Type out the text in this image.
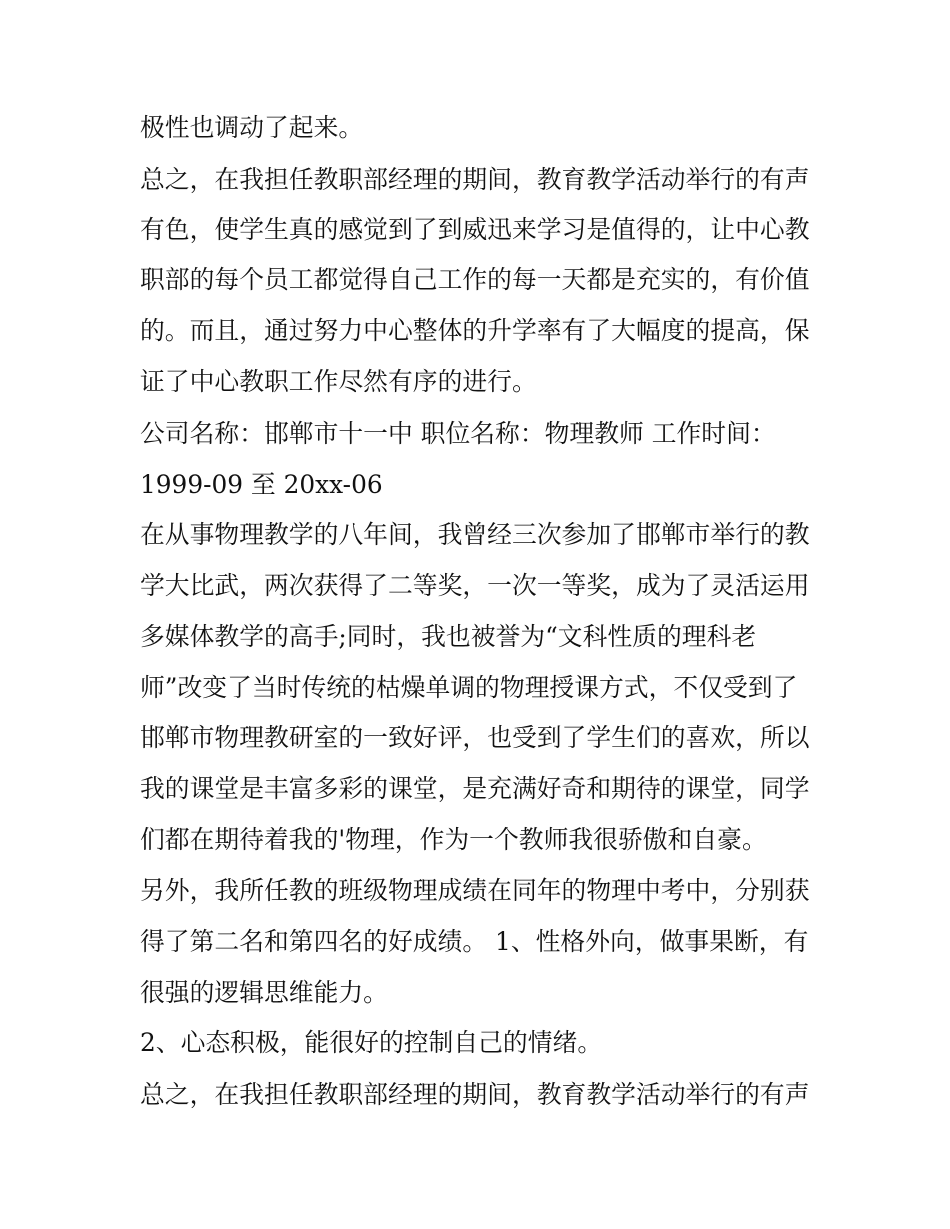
极性也调动了起来。
总之，在我担任教职部经理的期间，教育教学活动举行的有声
有色，使学生真的感觉到了到威迅来学习是值得的，让中心教
职部的每个员工都觉得自己工作的每一天都是充实的，有价值
的。而且，通过努力中心整体的升学率有了大幅度的提高，保
证了中心教职工作尽然有序的进行。
公司名称：邯郸市十一中 职位名称：物理教师 工作时间：
1999-09 至 20xx-06
在从事物理教学的八年间，我曾经三次参加了邯郸市举行的教
学大比武，两次获得了二等奖，一次一等奖，成为了灵活运用
多媒体教学的高手;同时，我也被誉为“文科性质的理科老
师”改变了当时传统的枯燥单调的物理授课方式，不仅受到了
邯郸市物理教研室的一致好评，也受到了学生们的喜欢，所以
我的课堂是丰富多彩的课堂，是充满好奇和期待的课堂，同学
们都在期待着我的'物理，作为一个教师我很骄傲和自豪。
另外，我所任教的班级物理成绩在同年的物理中考中，分别获
得了第二名和第四名的好成绩。 1、性格外向，做事果断，有
很强的逻辑思维能力。
2、心态积极，能很好的控制自己的情绪。
总之，在我担任教职部经理的期间，教育教学活动举行的有声
